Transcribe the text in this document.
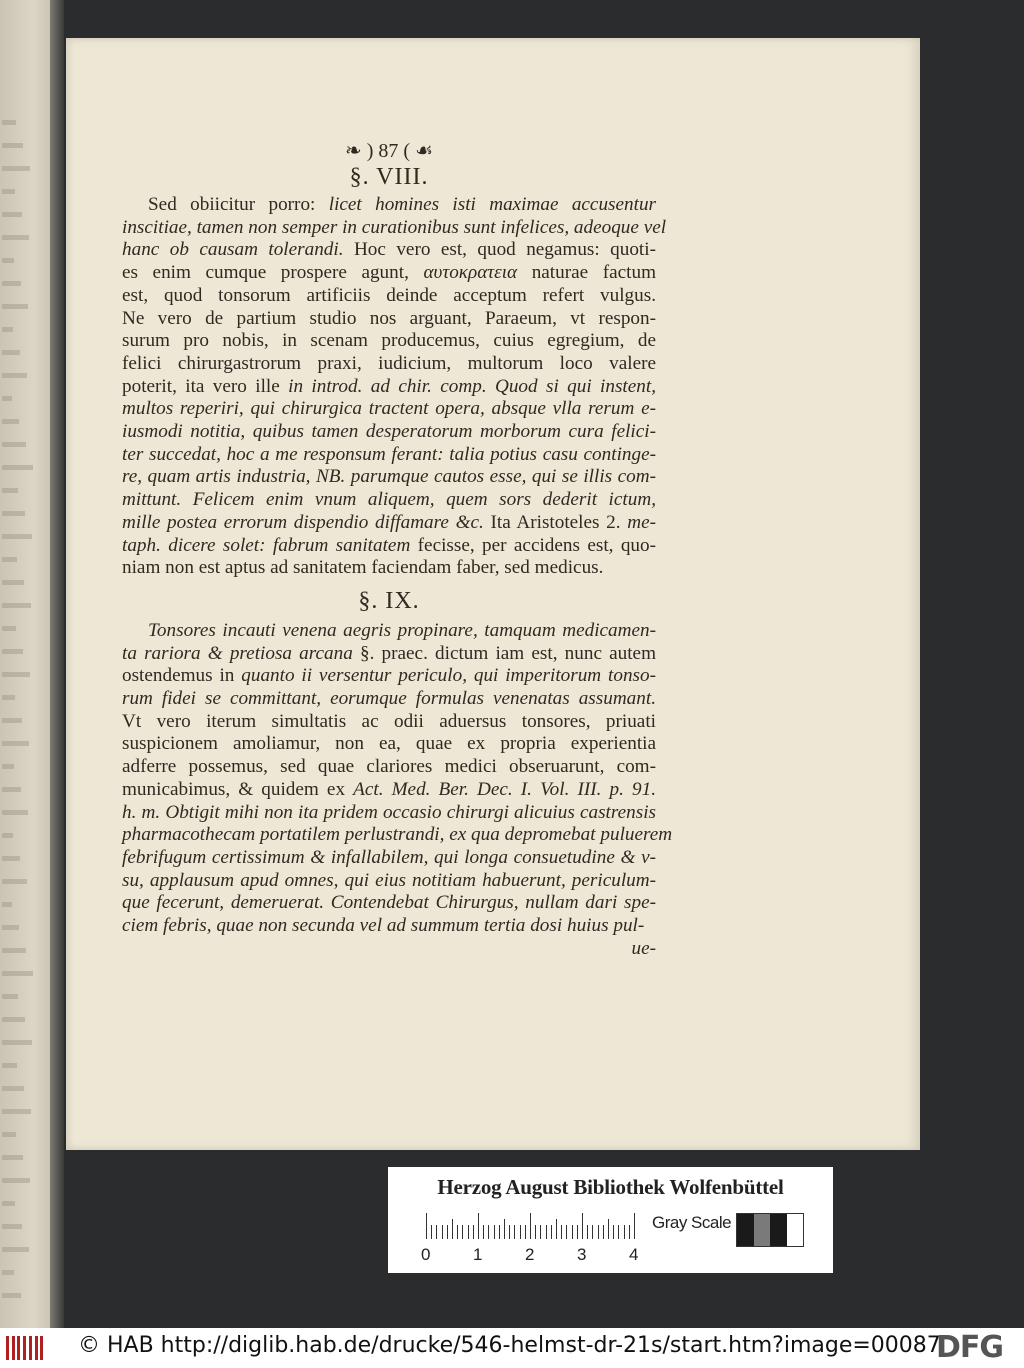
❧ ) 87 ( ☙
§. VIII.
Sed obiicitur porro: licet homines isti maximae accusentur
inscitiae, tamen non semper in curationibus sunt infelices, adeoque vel
hanc ob causam tolerandi. Hoc vero est, quod negamus: quoti-
es enim cumque prospere agunt, αυτοκρατεια naturae factum
est, quod tonsorum artificiis deinde acceptum refert vulgus.
Ne vero de partium studio nos arguant, Paraeum, vt respon-
surum pro nobis, in scenam producemus, cuius egregium, de
felici chirurgastrorum praxi, iudicium, multorum loco valere
poterit, ita vero ille in introd. ad chir. comp. Quod si qui instent,
multos reperiri, qui chirurgica tractent opera, absque vlla rerum e-
iusmodi notitia, quibus tamen desperatorum morborum cura felici-
ter succedat, hoc a me responsum ferant: talia potius casu continge-
re, quam artis industria, NB. parumque cautos esse, qui se illis com-
mittunt. Felicem enim vnum aliquem, quem sors dederit ictum,
mille postea errorum dispendio diffamare &c. Ita Aristoteles 2. me-
taph. dicere solet: fabrum sanitatem fecisse, per accidens est, quo-
niam non est aptus ad sanitatem faciendam faber, sed medicus.
§. IX.
Tonsores incauti venena aegris propinare, tamquam medicamen-
ta rariora & pretiosa arcana §. praec. dictum iam est, nunc autem
ostendemus in quanto ii versentur periculo, qui imperitorum tonso-
rum fidei se committant, eorumque formulas venenatas assumant.
Vt vero iterum simultatis ac odii aduersus tonsores, priuati
suspicionem amoliamur, non ea, quae ex propria experientia
adferre possemus, sed quae clariores medici obseruarunt, com-
municabimus, & quidem ex Act. Med. Ber. Dec. I. Vol. III. p. 91.
h. m. Obtigit mihi non ita pridem occasio chirurgi alicuius castrensis
pharmacothecam portatilem perlustrandi, ex qua depromebat puluerem
febrifugum certissimum & infallabilem, qui longa consuetudine & v-
su, applausum apud omnes, qui eius notitiam habuerunt, periculum-
que fecerunt, demeruerat. Contendebat Chirurgus, nullam dari spe-
ciem febris, quae non secunda vel ad summum tertia dosi huius pul-
ue-
Herzog August Bibliothek Wolfenbüttel
0	1	2	3	4
Gray Scale
© HAB http://diglib.hab.de/drucke/546-helmst-dr-21s/start.htm?image=00087
DFG
